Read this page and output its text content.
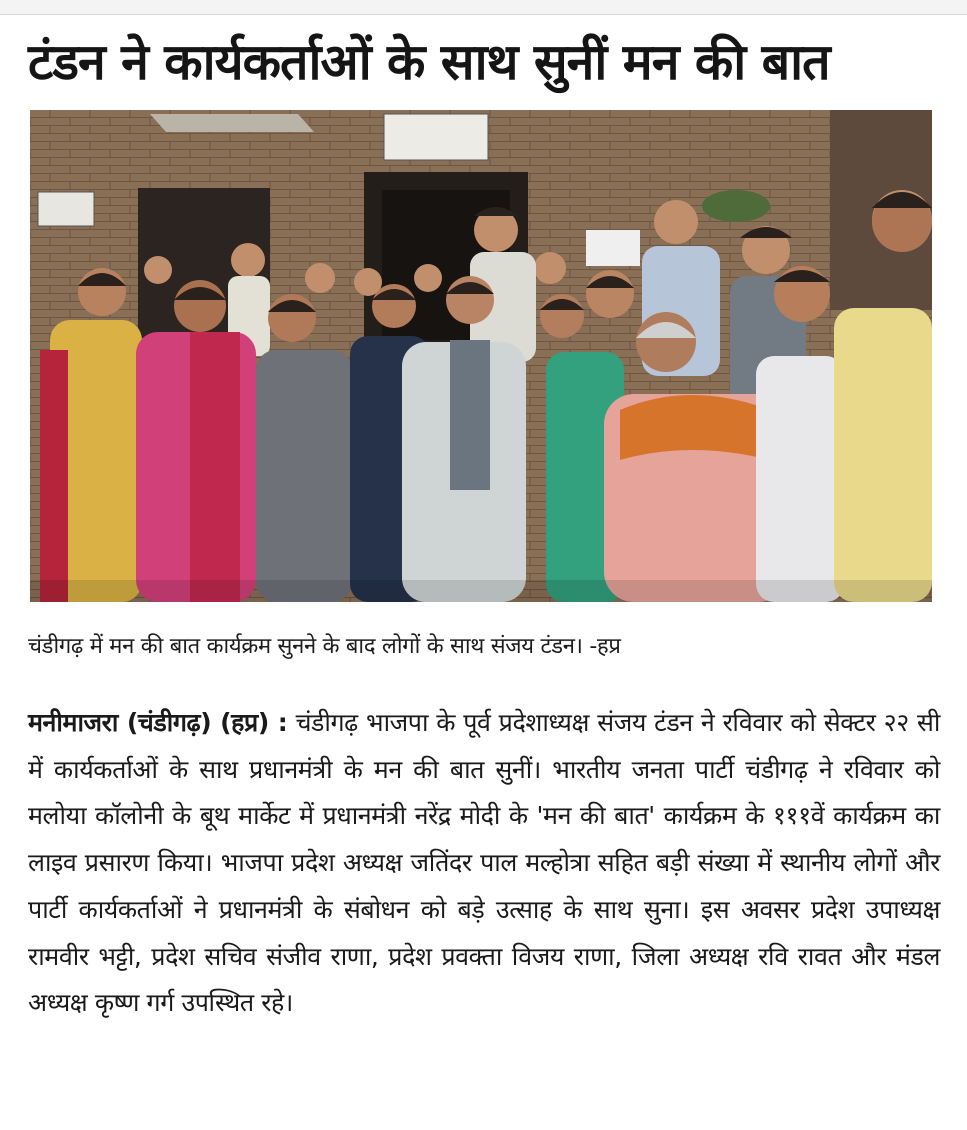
टंडन ने कार्यकर्ताओं के साथ सुनीं मन की बात

चंडीगढ़ में मन की बात कार्यक्रम सुनने के बाद लोगों के साथ संजय टंडन। -हप्र

मनीमाजरा (चंडीगढ़) (हप्र) : चंडीगढ़ भाजपा के पूर्व प्रदेशाध्यक्ष संजय टंडन ने रविवार को सेक्टर २२ सी में कार्यकर्ताओं के साथ प्रधानमंत्री के मन की बात सुनीं। भारतीय जनता पार्टी चंडीगढ़ ने रविवार को मलोया कॉलोनी के बूथ मार्केट में प्रधानमंत्री नरेंद्र मोदी के 'मन की बात' कार्यक्रम के १११वें कार्यक्रम का लाइव प्रसारण किया। भाजपा प्रदेश अध्यक्ष जतिंदर पाल मल्होत्रा सहित बड़ी संख्या में स्थानीय लोगों और पार्टी कार्यकर्ताओं ने प्रधानमंत्री के संबोधन को बड़े उत्साह के साथ सुना। इस अवसर प्रदेश उपाध्यक्ष रामवीर भट्टी, प्रदेश सचिव संजीव राणा, प्रदेश प्रवक्ता विजय राणा, जिला अध्यक्ष रवि रावत और मंडल अध्यक्ष कृष्ण गर्ग उपस्थित रहे।
